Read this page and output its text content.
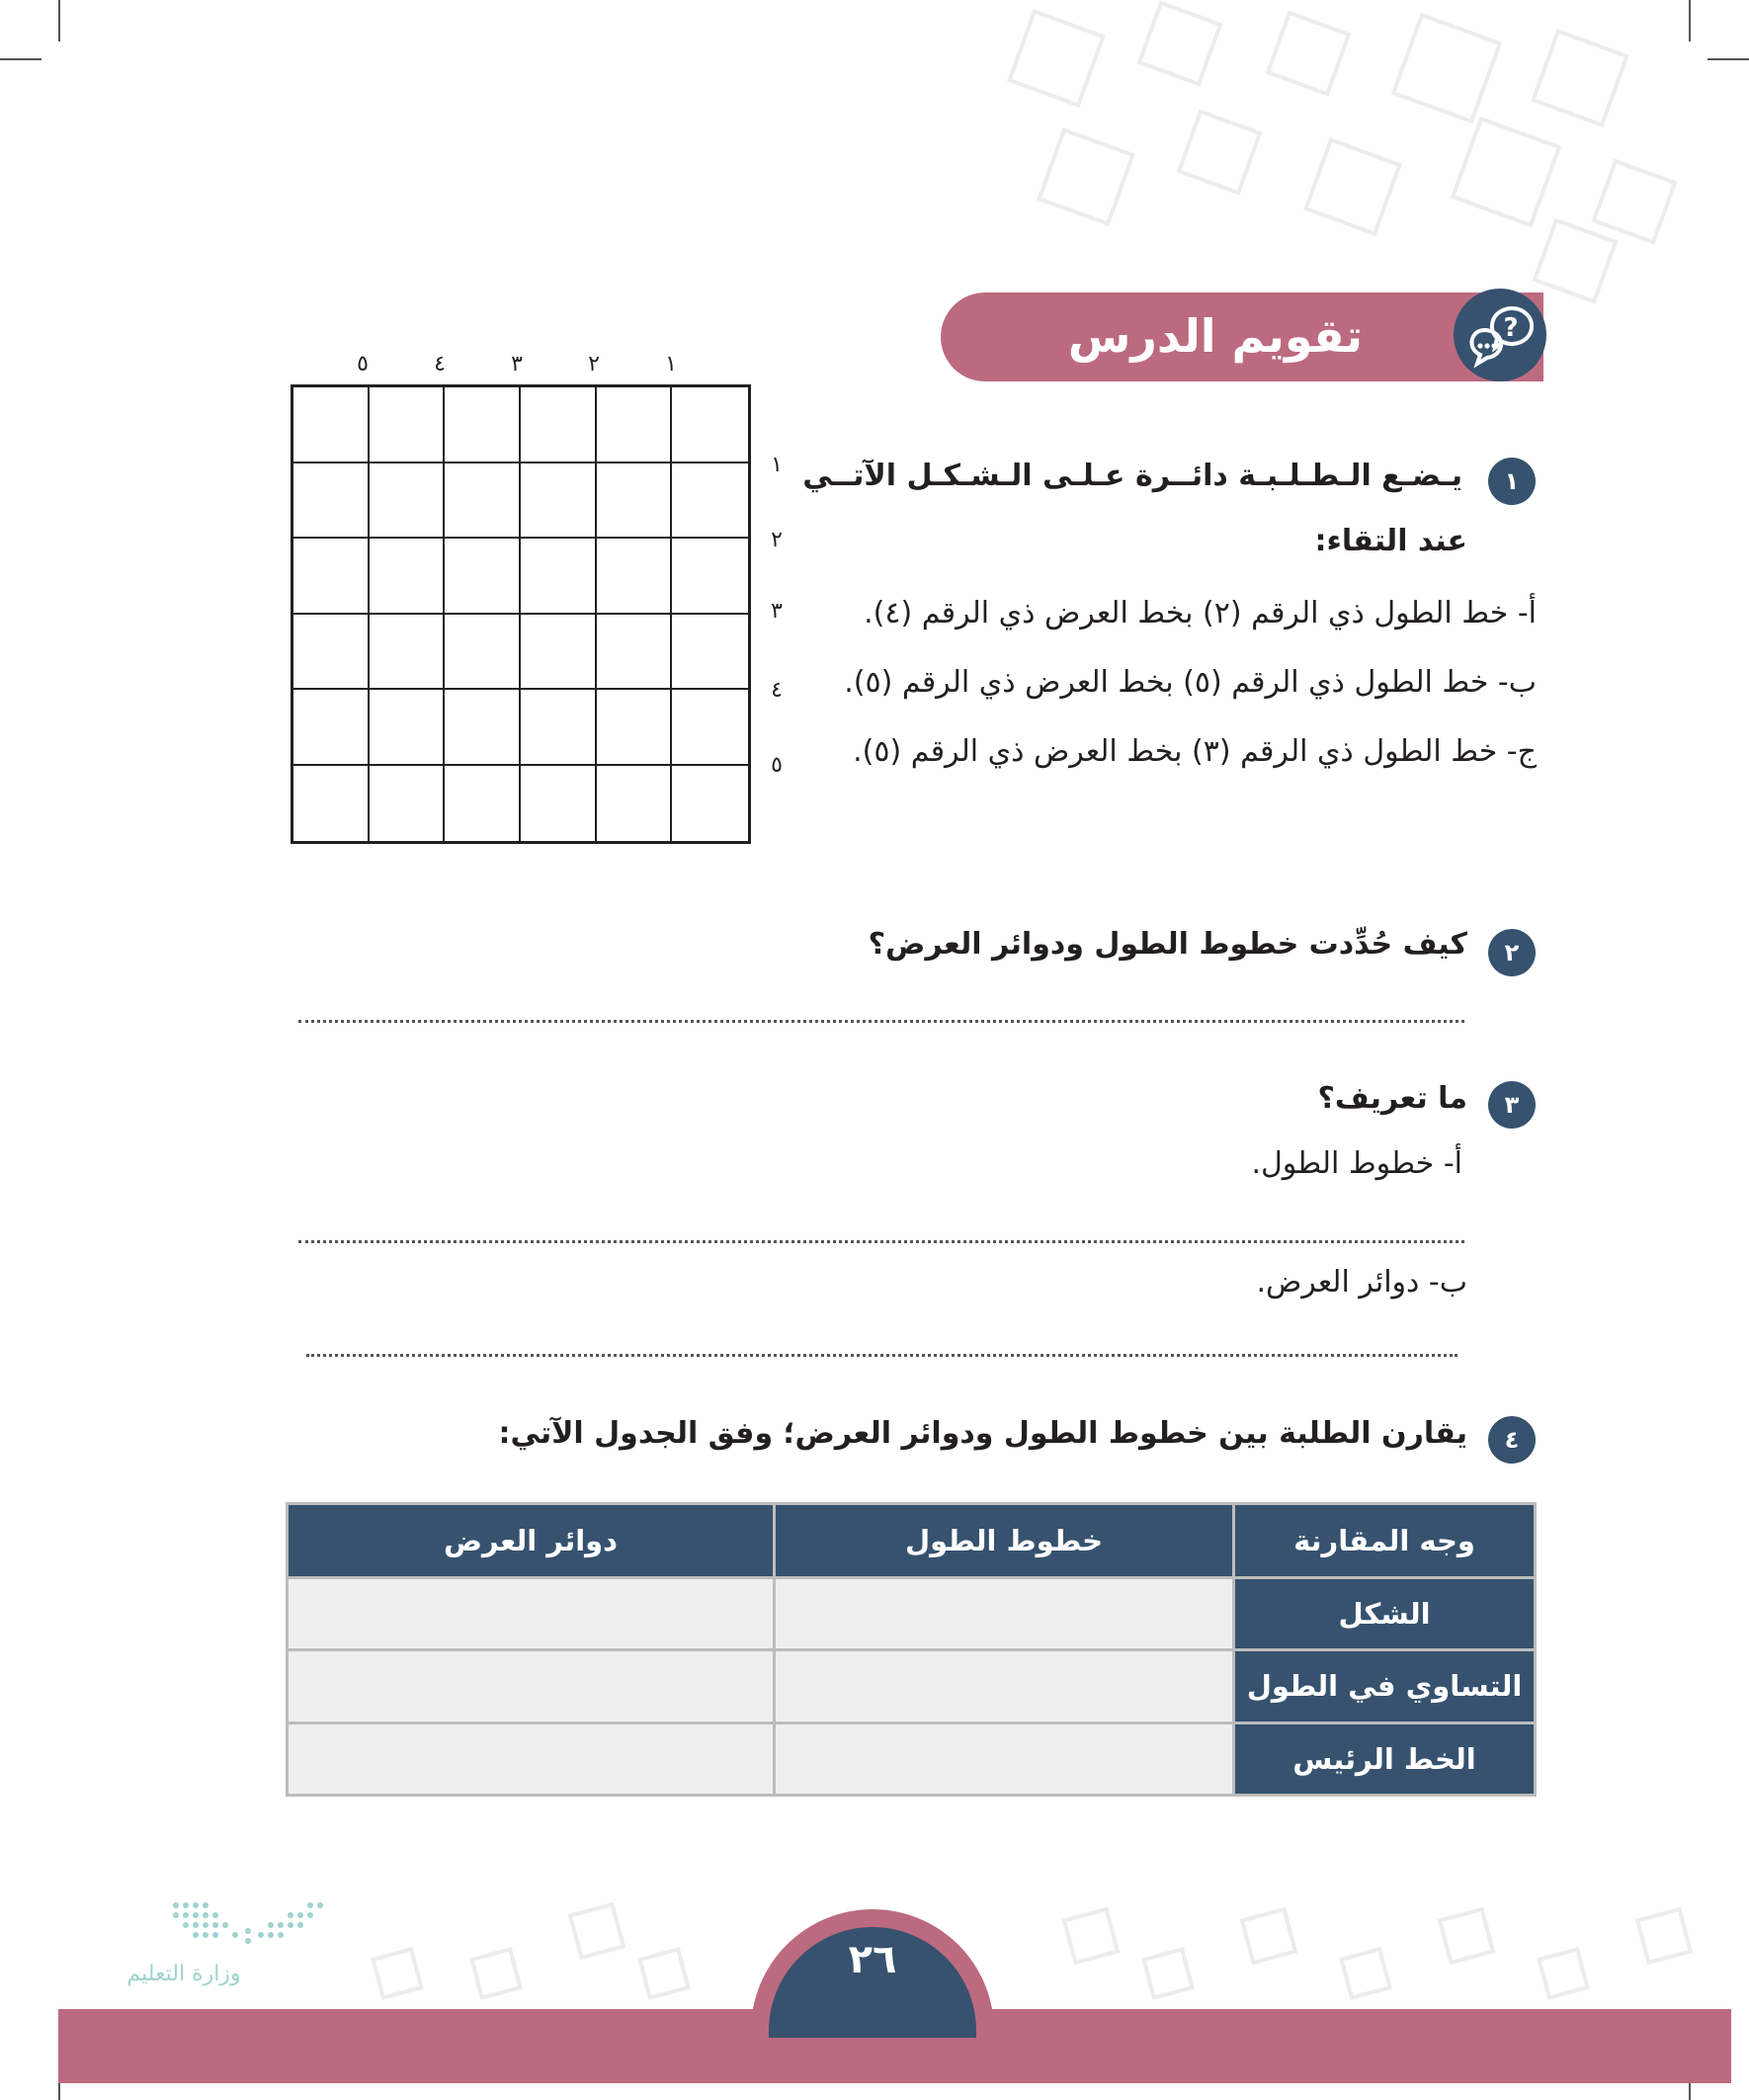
تقويم الدرس الثالث
?
٥	٤	٣	٢	١
١
٢
٣
٤
٥
١
يـضـع الـطـلـبـة دائــرة عـلـى الـشـكـل الآتــي
عند التقاء:
أ- خط الطول ذي الرقم (٢) بخط العرض ذي الرقم (٤).
ب- خط الطول ذي الرقم (٥) بخط العرض ذي الرقم (٥).
ج- خط الطول ذي الرقم (٣) بخط العرض ذي الرقم (٥).
٢
كيف حُدِّدت خطوط الطول ودوائر العرض؟
٣
ما تعريف؟
أ- خطوط الطول.
ب- دوائر العرض.
٤
يقارن الطلبة بين خطوط الطول ودوائر العرض؛ وفق الجدول الآتي:
وجه المقارنة	خطوط الطول	دوائر العرض
الشكل		
التساوي في الطول		
الخط الرئيس		
وزارة التعليم	٢٦
